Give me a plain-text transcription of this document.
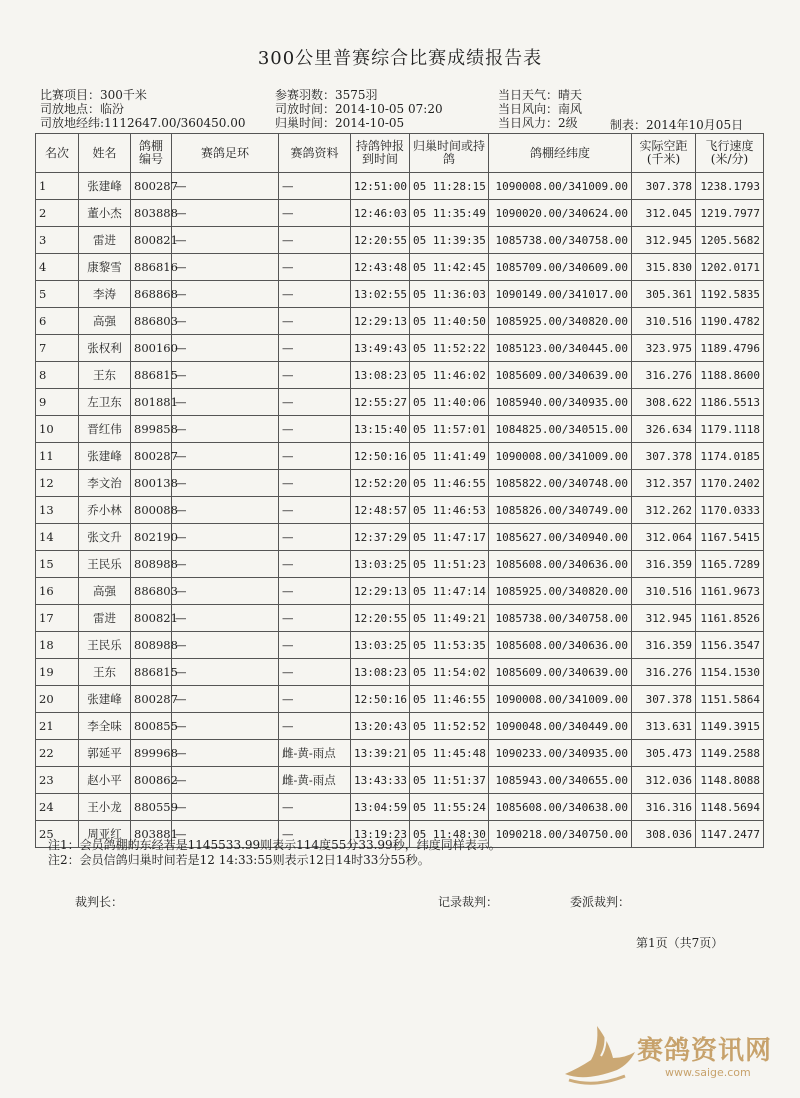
300公里普赛综合比赛成绩报告表
比赛项目：300千米
司放地点：临汾
司放地经纬:1112647.00/360450.00
参赛羽数：3575羽
司放时间：2014-10-05 07:20
归巢时间：2014-10-05
当日天气：晴天
当日风向：南风
当日风力：2级	制表：2014年10月05日
名次	姓名	鸽棚编号	赛鸽足环	赛鸽资料	持鸽钟报到时间	归巢时间或持鸽	鸽棚经纬度	实际空距(千米)	飞行速度(米/分)
1	张建峰	800287	—	—	12:51:00	05 11:28:15	1090008.00/341009.00	307.378	1238.1793
2	董小杰	803888	—	—	12:46:03	05 11:35:49	1090020.00/340624.00	312.045	1219.7977
3	雷进	800821	—	—	12:20:55	05 11:39:35	1085738.00/340758.00	312.945	1205.5682
4	康黎雪	886816	—	—	12:43:48	05 11:42:45	1085709.00/340609.00	315.830	1202.0171
5	李涛	868868	—	—	13:02:55	05 11:36:03	1090149.00/341017.00	305.361	1192.5835
6	高强	886803	—	—	12:29:13	05 11:40:50	1085925.00/340820.00	310.516	1190.4782
7	张权利	800160	—	—	13:49:43	05 11:52:22	1085123.00/340445.00	323.975	1189.4796
8	王东	886815	—	—	13:08:23	05 11:46:02	1085609.00/340639.00	316.276	1188.8600
9	左卫东	801881	—	—	12:55:27	05 11:40:06	1085940.00/340935.00	308.622	1186.5513
10	晋红伟	899858	—	—	13:15:40	05 11:57:01	1084825.00/340515.00	326.634	1179.1118
11	张建峰	800287	—	—	12:50:16	05 11:41:49	1090008.00/341009.00	307.378	1174.0185
12	李文治	800138	—	—	12:52:20	05 11:46:55	1085822.00/340748.00	312.357	1170.2402
13	乔小林	800088	—	—	12:48:57	05 11:46:53	1085826.00/340749.00	312.262	1170.0333
14	张文升	802190	—	—	12:37:29	05 11:47:17	1085627.00/340940.00	312.064	1167.5415
15	王民乐	808988	—	—	13:03:25	05 11:51:23	1085608.00/340636.00	316.359	1165.7289
16	高强	886803	—	—	12:29:13	05 11:47:14	1085925.00/340820.00	310.516	1161.9673
17	雷进	800821	—	—	12:20:55	05 11:49:21	1085738.00/340758.00	312.945	1161.8526
18	王民乐	808988	—	—	13:03:25	05 11:53:35	1085608.00/340636.00	316.359	1156.3547
19	王东	886815	—	—	13:08:23	05 11:54:02	1085609.00/340639.00	316.276	1154.1530
20	张建峰	800287	—	—	12:50:16	05 11:46:55	1090008.00/341009.00	307.378	1151.5864
21	李全味	800855	—	—	13:20:43	05 11:52:52	1090048.00/340449.00	313.631	1149.3915
22	郭延平	899968	—	雌-黄-雨点	13:39:21	05 11:45:48	1090233.00/340935.00	305.473	1149.2588
23	赵小平	800862	—	雌-黄-雨点	13:43:33	05 11:51:37	1085943.00/340655.00	312.036	1148.8088
24	王小龙	880559	—	—	13:04:59	05 11:55:24	1085608.00/340638.00	316.316	1148.5694
25	周亚红	803881	—	—	13:19:23	05 11:48:30	1090218.00/340750.00	308.036	1147.2477
注1：会员鸽棚的东经若是1145533.99则表示114度55分33.99秒，纬度同样表示。
注2：会员信鸽归巢时间若是12 14:33:55则表示12日14时33分55秒。
裁判长：	记录裁判：	委派裁判：
第1页（共7页）
赛鸽资讯网
www.saige.com
